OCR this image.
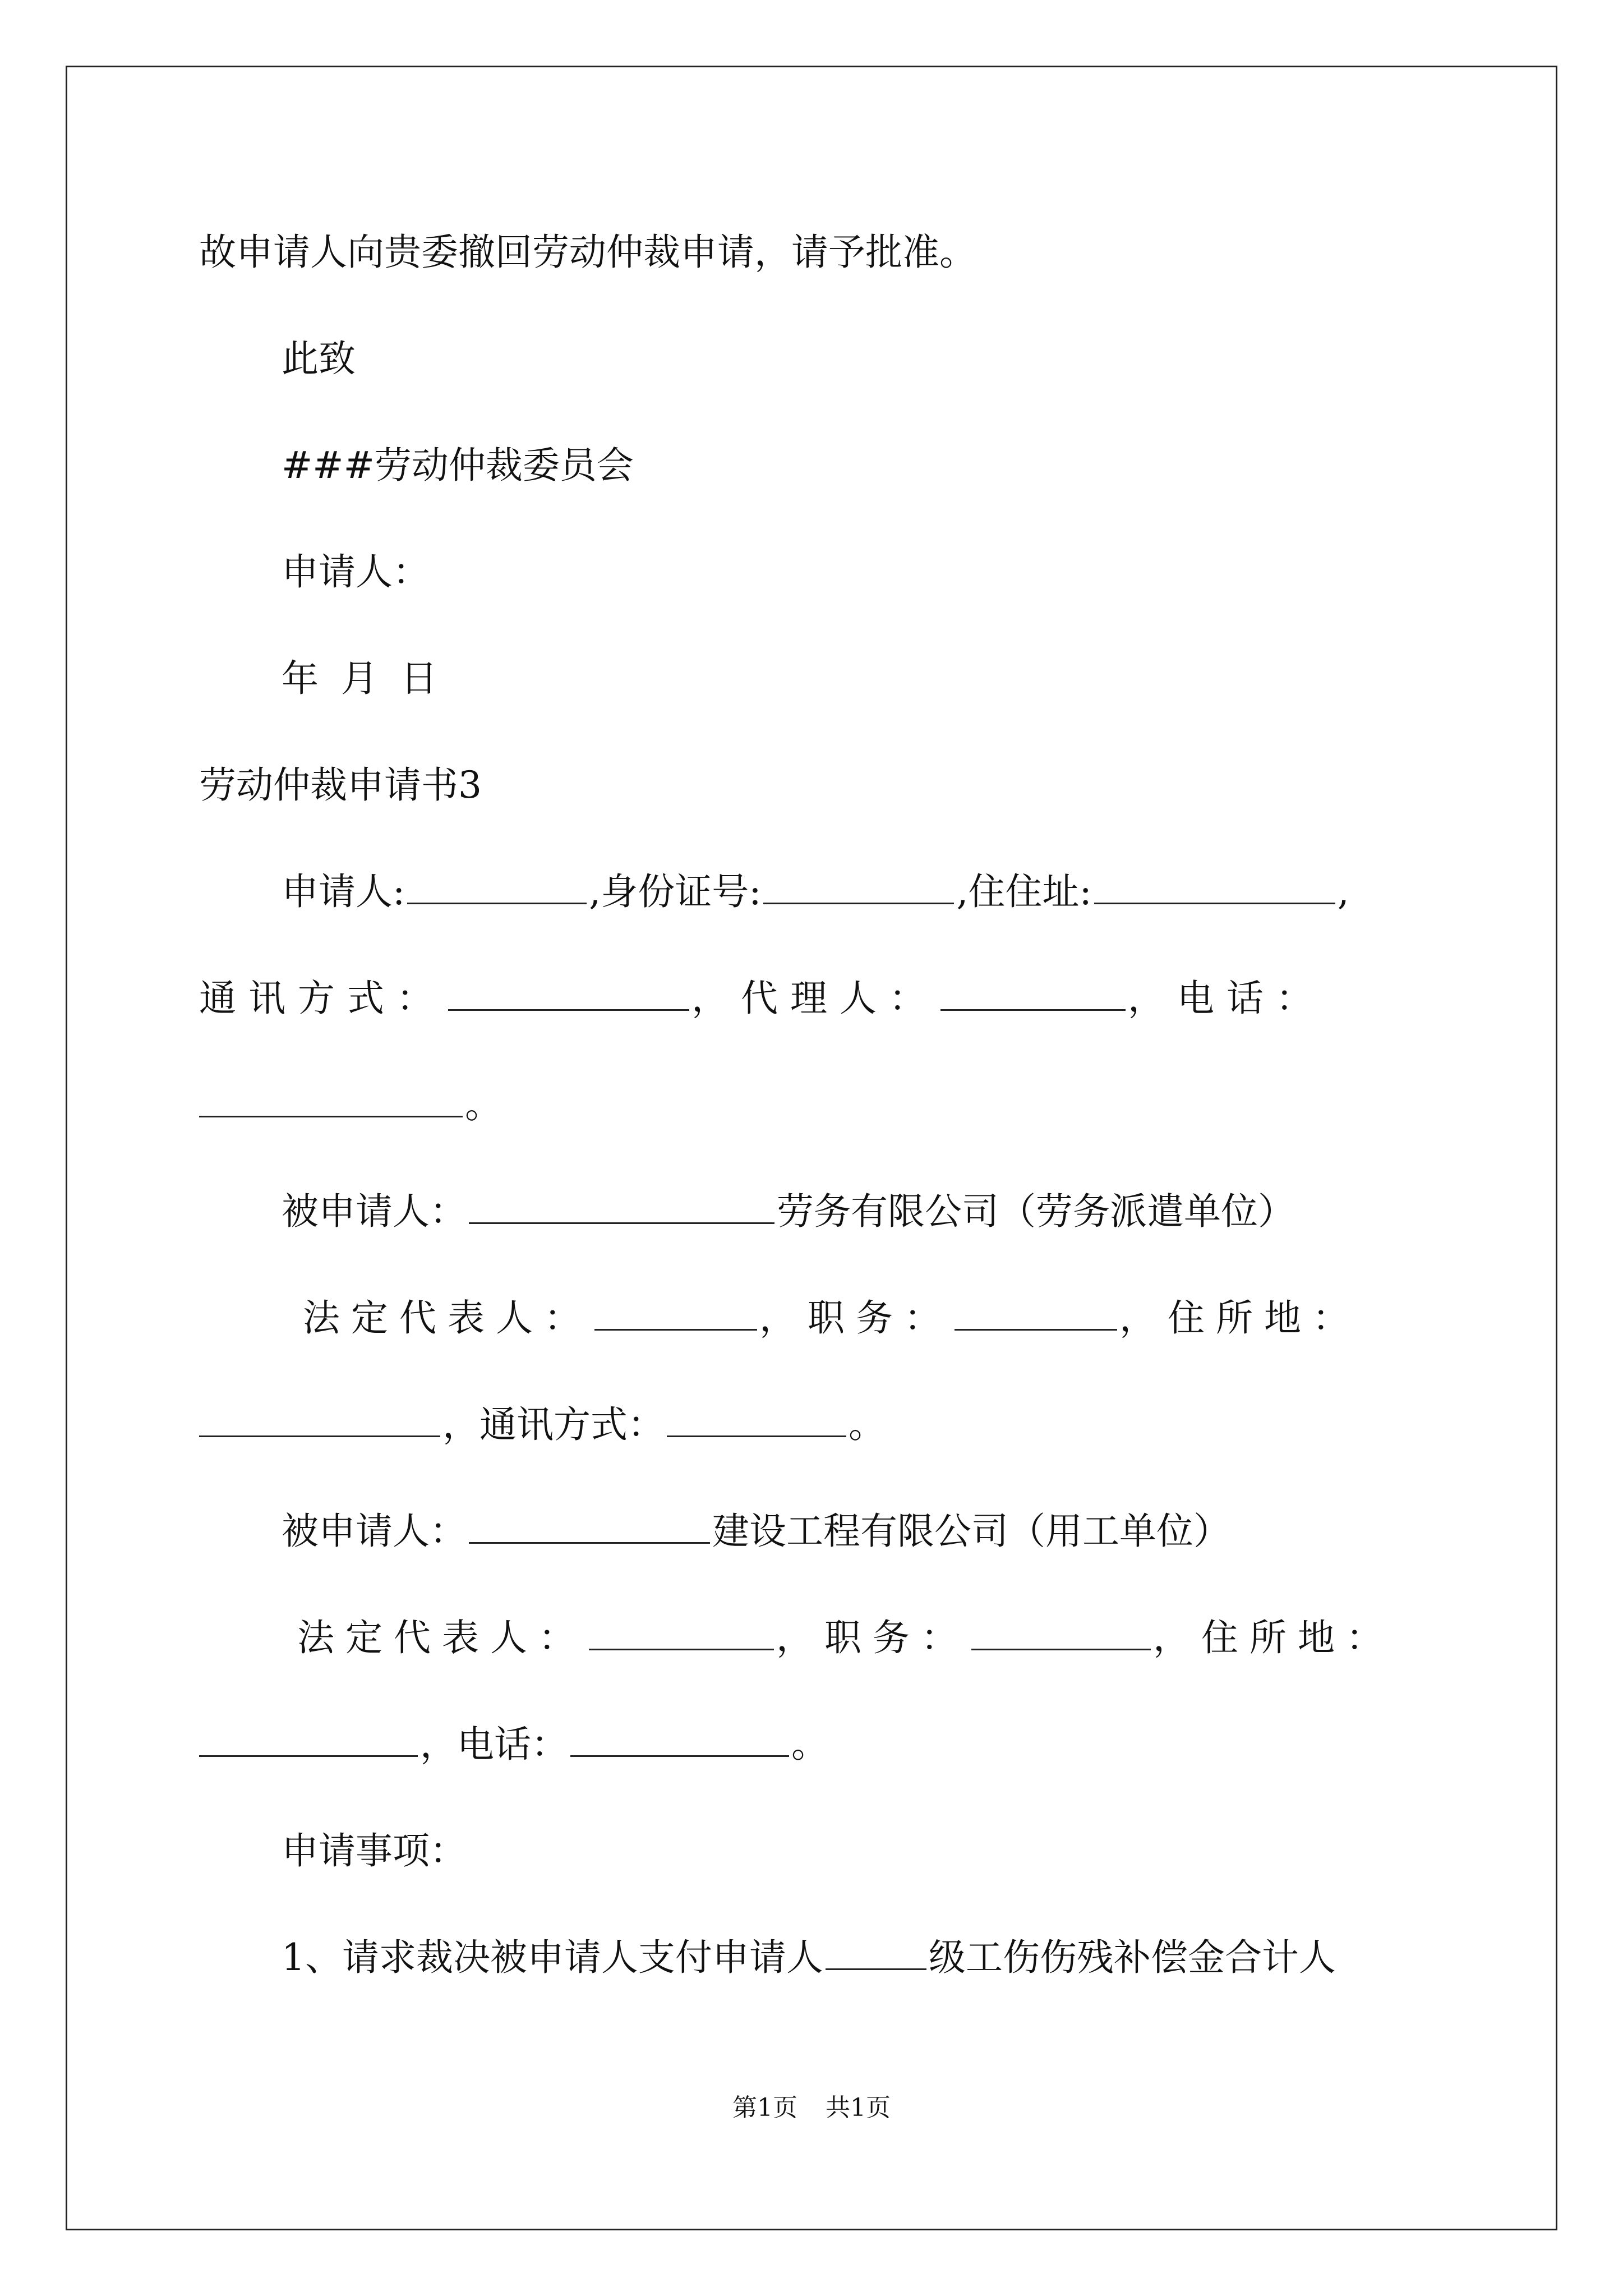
故申请人向贵委撤回劳动仲裁申请，请予批准。
此致
###劳动仲裁委员会
申请人：
年 月 日
劳动仲裁申请书3
申请人:	,身份证号:	,住住址:	,
通讯方式：	，代理人：	，电话：
。
被申请人：	劳务有限公司（劳务派遣单位）
法定代表人：	，职务：	，住所地：
，通讯方式：	。
被申请人：	建设工程有限公司（用工单位）
法定代表人：	，职务：	，住所地：
，电话：	。
申请事项：
1、请求裁决被申请人支付申请人	级工伤伤残补偿金合计人
第1页 共1页
